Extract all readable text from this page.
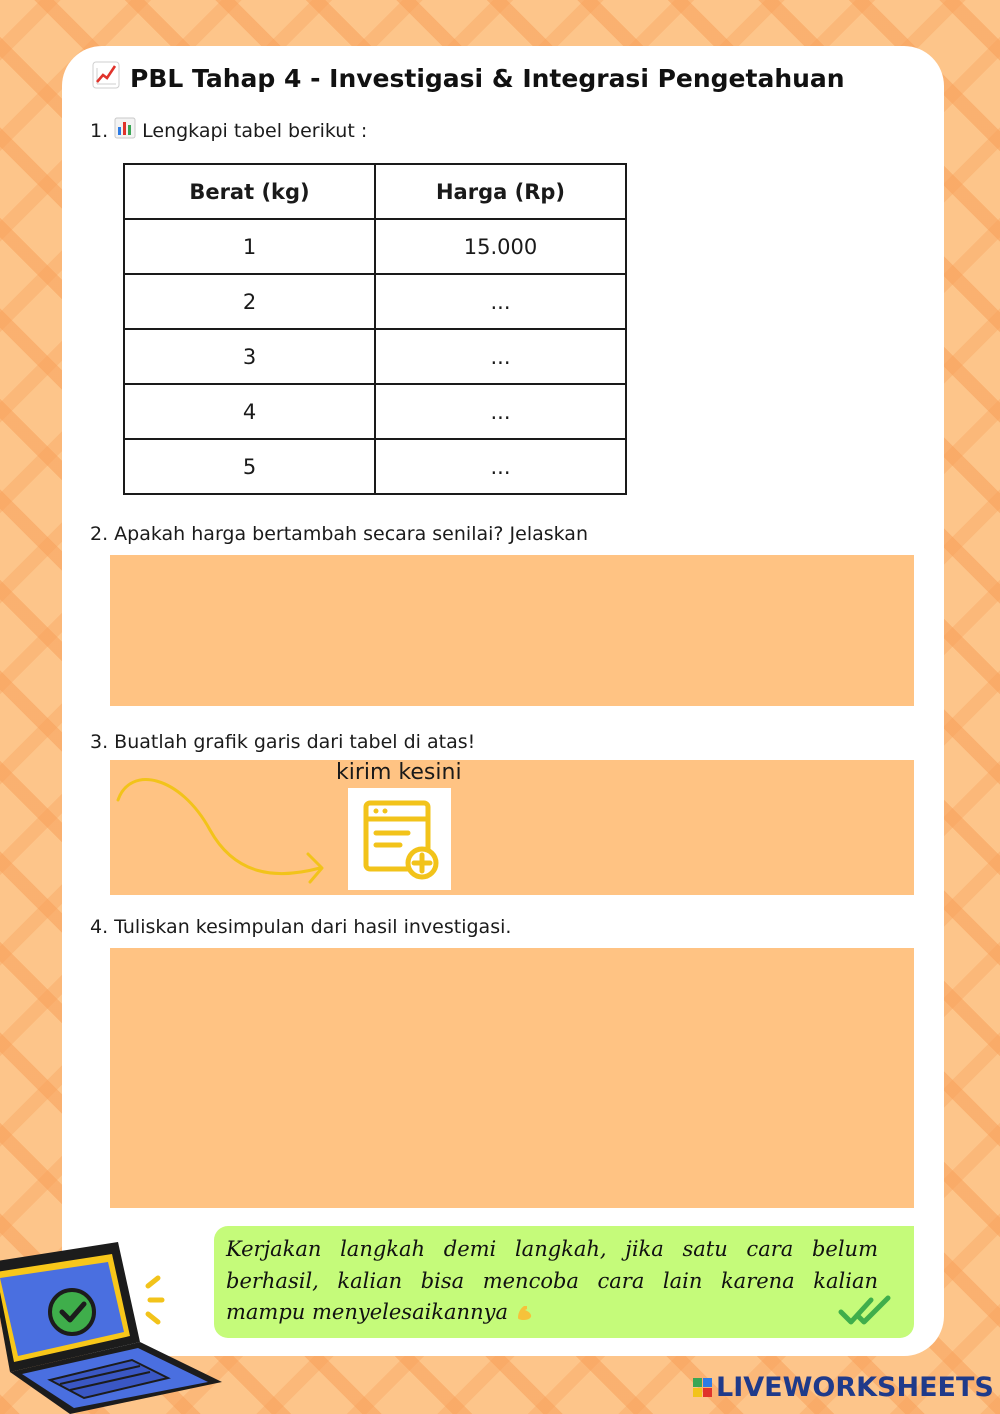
PBL Tahap 4 - Investigasi & Integrasi Pengetahuan
1. Lengkapi tabel berikut :
Berat (kg)	Harga (Rp)
1	15.000
2	...
3	...
4	...
5	...
2. Apakah harga bertambah secara senilai? Jelaskan
3. Buatlah grafik garis dari tabel di atas!
kirim kesini
4. Tuliskan kesimpulan dari hasil investigasi.
Kerjakan langkah demi langkah, jika satu cara belum berhasil, kalian bisa mencoba cara lain karena kalian mampu menyelesaikannya
LIVEWORKSHEETS
